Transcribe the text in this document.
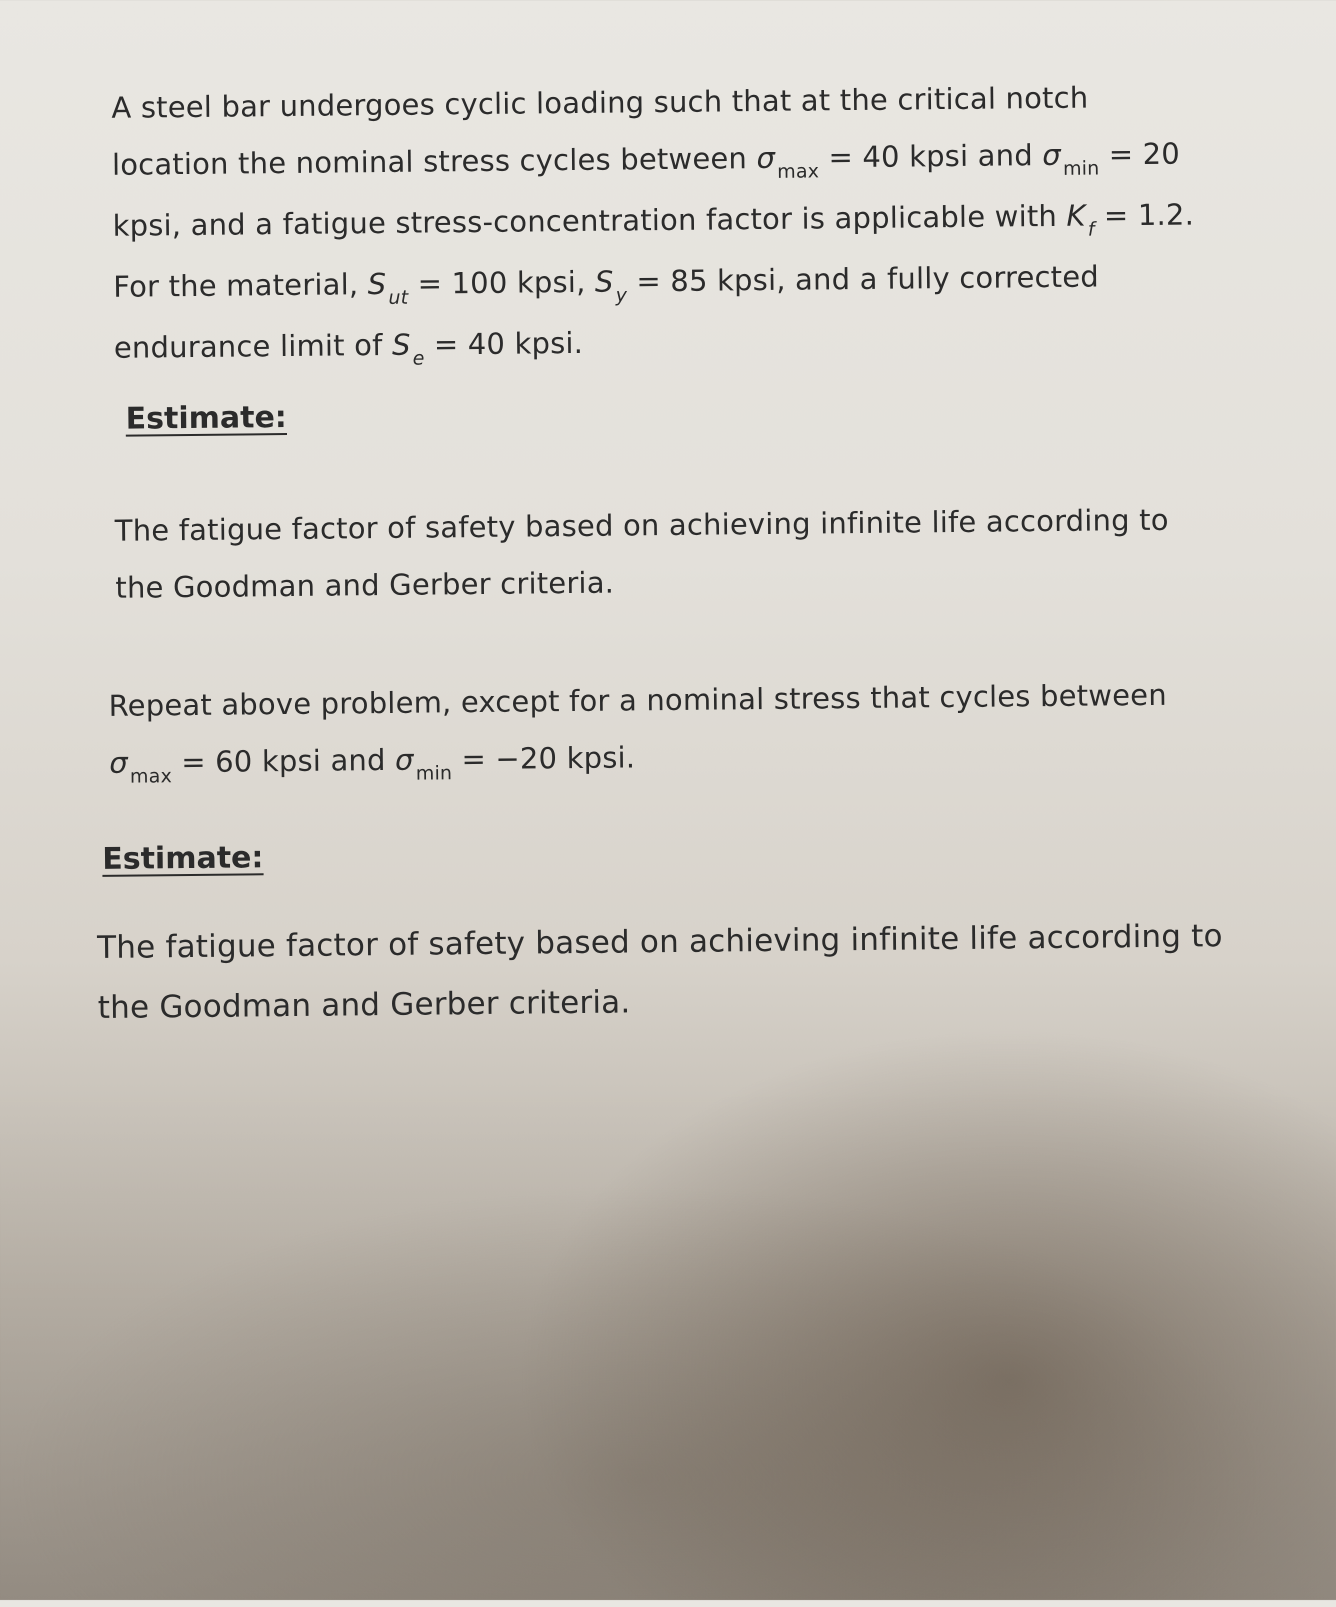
A steel bar undergoes cyclic loading such that at the critical notch
location the nominal stress cycles between $\sigma_{max} = 40$ kpsi and $\sigma_{min} = 20$
kpsi, and a fatigue stress-concentration factor is applicable with $K_f = 1.2$.
For the material, $S_{ut} = 100$ kpsi, $S_y = 85$ kpsi, and a fully corrected
endurance limit of $S_e = 40$ kpsi.
Estimate:
The fatigue factor of safety based on achieving infinite life according to
the Goodman and Gerber criteria.
Repeat above problem, except for a nominal stress that cycles between
$\sigma_{max} = 60$ kpsi and $\sigma_{min} = -20$ kpsi.
Estimate:
The fatigue factor of safety based on achieving infinite life according to
the Goodman and Gerber criteria.
